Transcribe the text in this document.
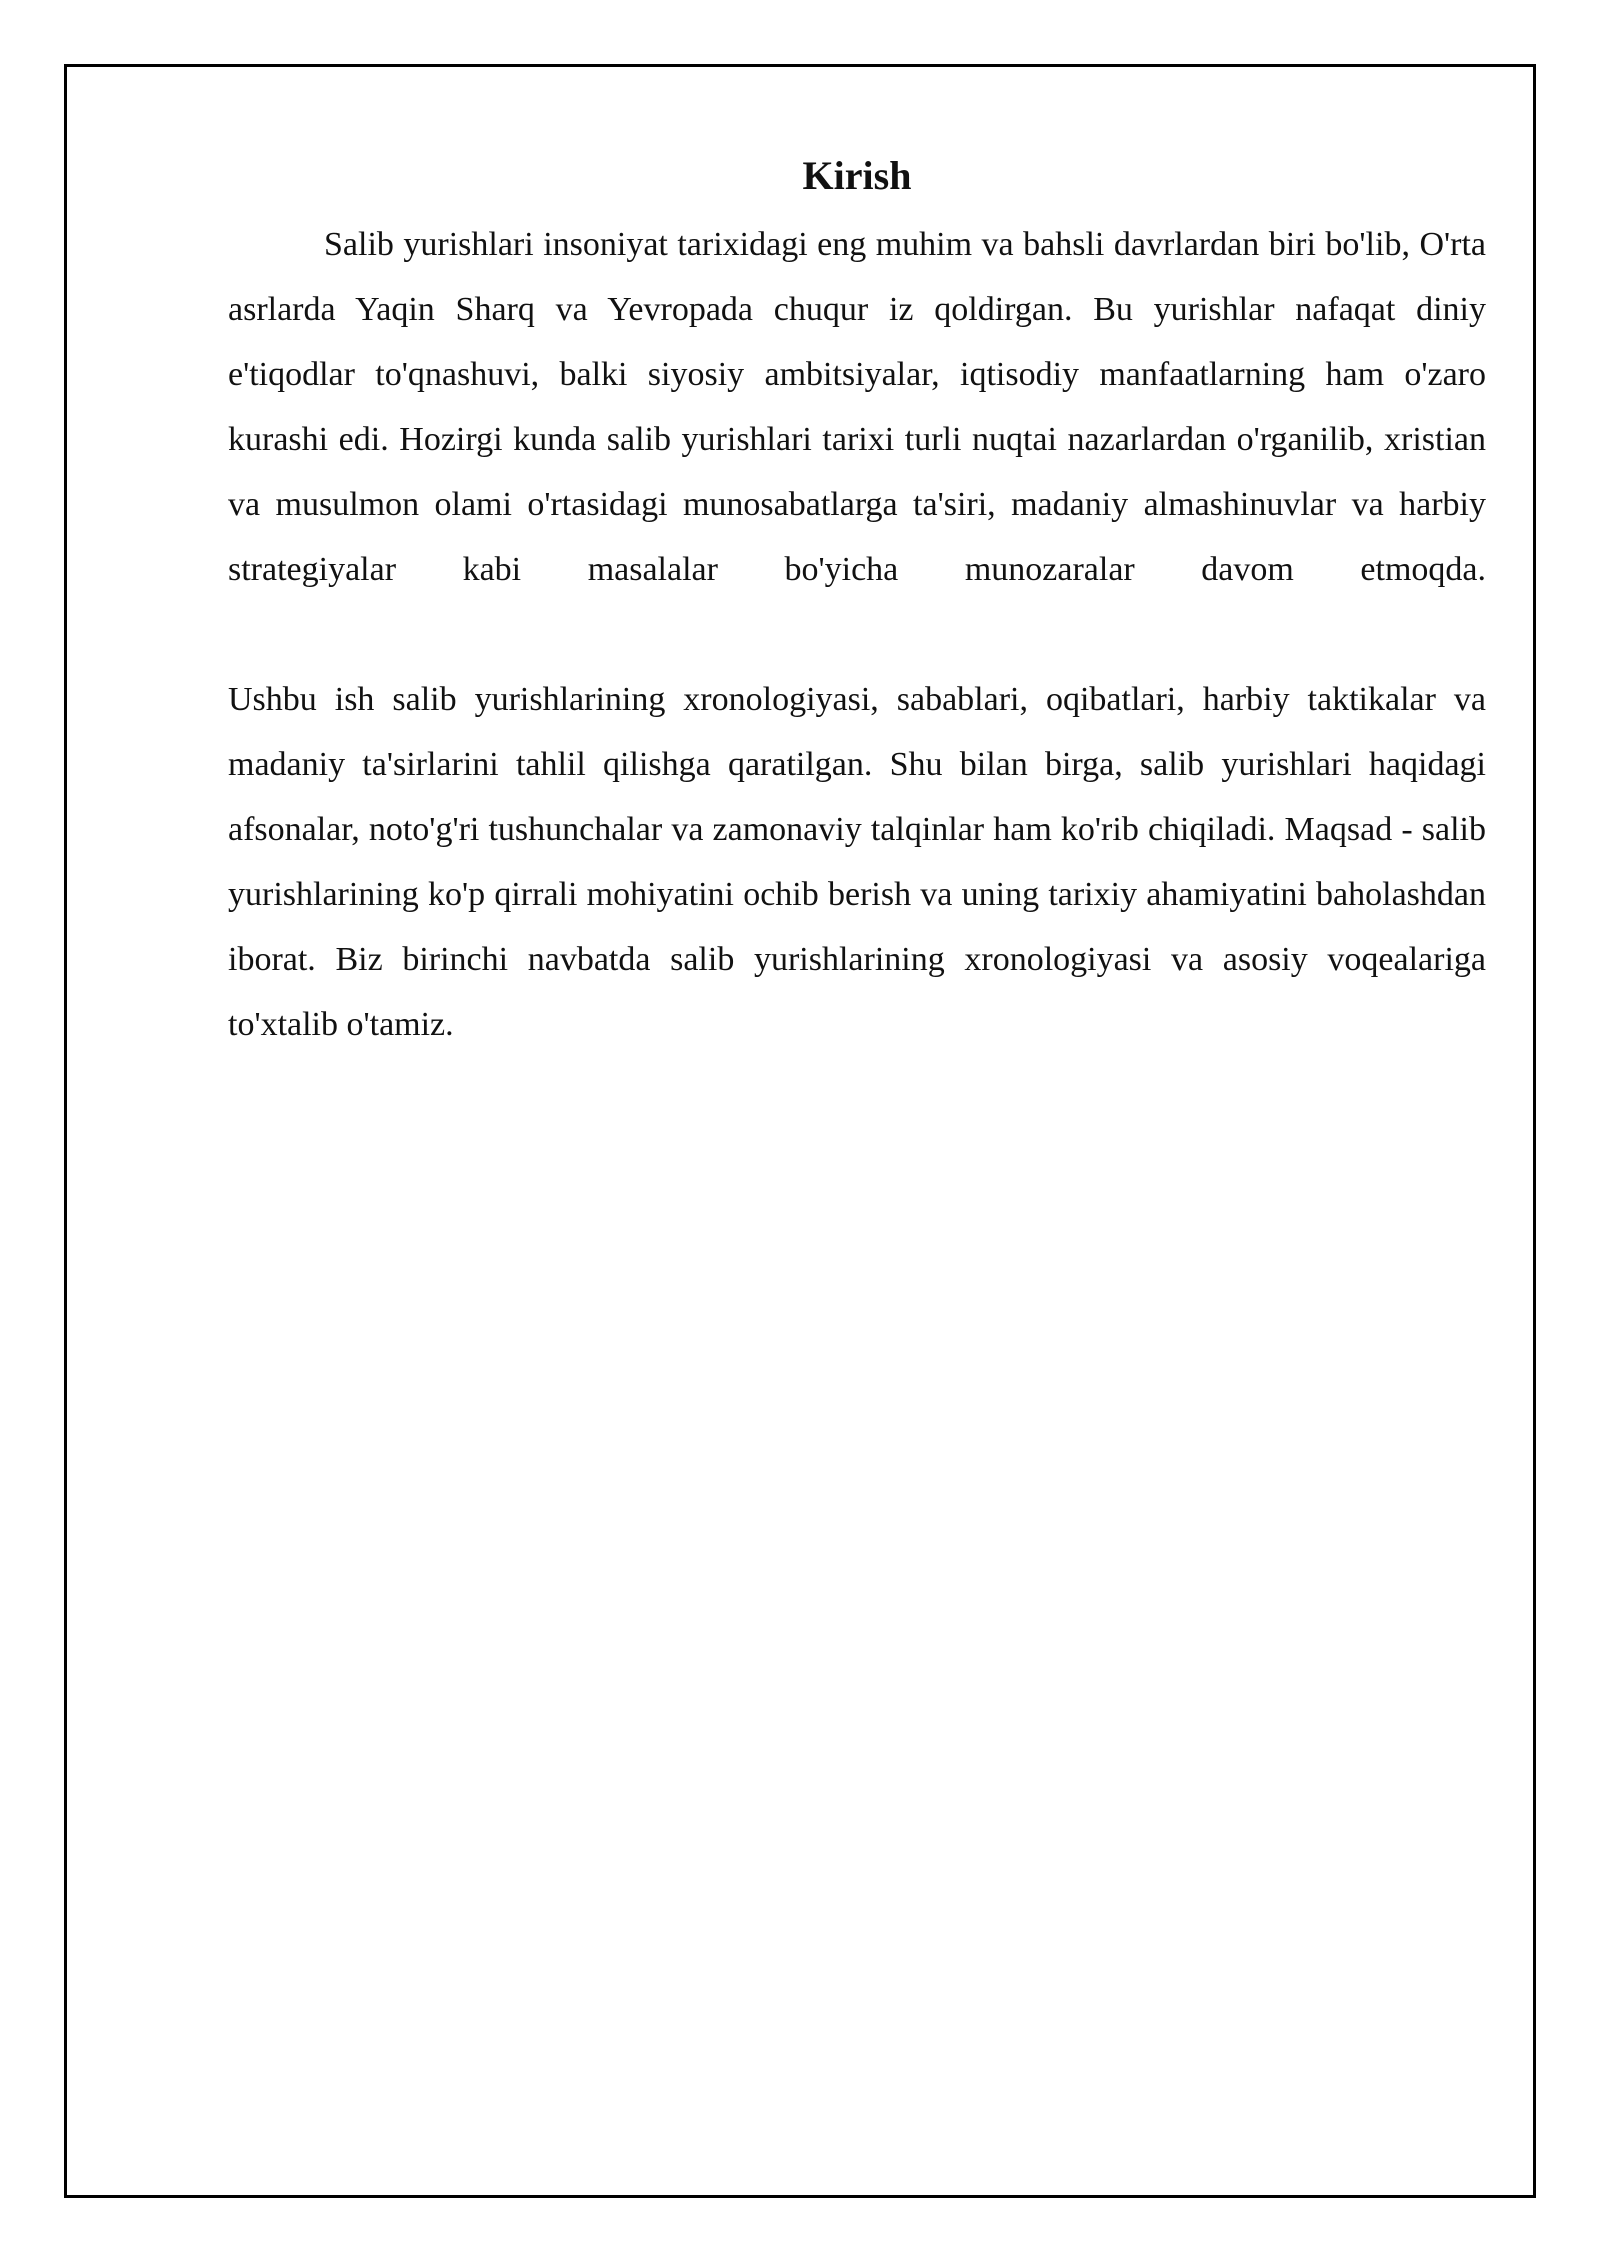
Kirish

Salib yurishlari insoniyat tarixidagi eng muhim va bahsli davrlardan biri bo'lib, O'rta asrlarda Yaqin Sharq va Yevropada chuqur iz qoldirgan. Bu yurishlar nafaqat diniy e'tiqodlar to'qnashuvi, balki siyosiy ambitsiyalar, iqtisodiy manfaatlarning ham o'zaro kurashi edi. Hozirgi kunda salib yurishlari tarixi turli nuqtai nazarlardan o'rganilib, xristian va musulmon olami o'rtasidagi munosabatlarga ta'siri, madaniy almashinuvlar va harbiy strategiyalar kabi masalalar bo'yicha munozaralar davom etmoqda.

Ushbu ish salib yurishlarining xronologiyasi, sabablari, oqibatlari, harbiy taktikalar va madaniy ta'sirlarini tahlil qilishga qaratilgan. Shu bilan birga, salib yurishlari haqidagi afsonalar, noto'g'ri tushunchalar va zamonaviy talqinlar ham ko'rib chiqiladi. Maqsad - salib yurishlarining ko'p qirrali mohiyatini ochib berish va uning tarixiy ahamiyatini baholashdan iborat. Biz birinchi navbatda salib yurishlarining xronologiyasi va asosiy voqealariga to'xtalib o'tamiz.
